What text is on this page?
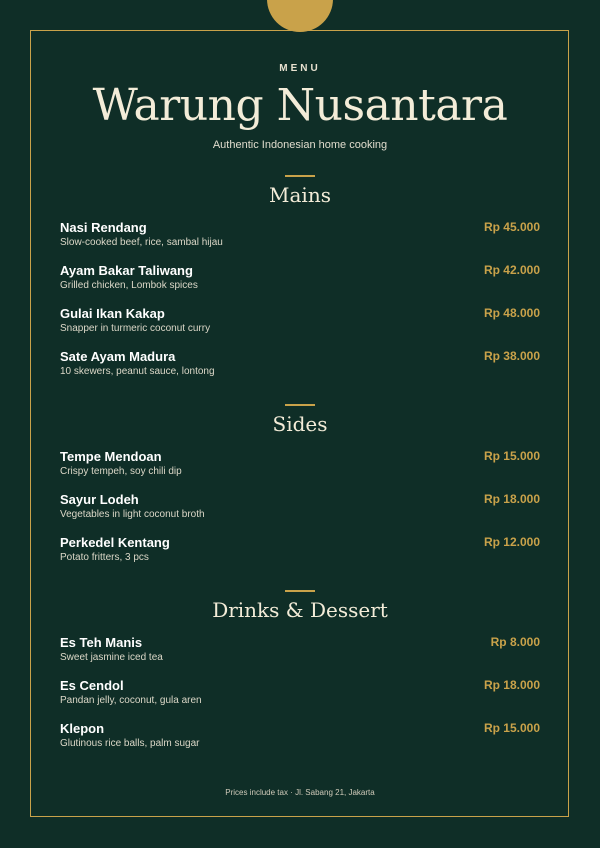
MENU
Warung Nusantara
Authentic Indonesian home cooking
Mains
Nasi Rendang
Slow-cooked beef, rice, sambal hijau
Rp 45.000
Ayam Bakar Taliwang
Grilled chicken, Lombok spices
Rp 42.000
Gulai Ikan Kakap
Snapper in turmeric coconut curry
Rp 48.000
Sate Ayam Madura
10 skewers, peanut sauce, lontong
Rp 38.000
Sides
Tempe Mendoan
Crispy tempeh, soy chili dip
Rp 15.000
Sayur Lodeh
Vegetables in light coconut broth
Rp 18.000
Perkedel Kentang
Potato fritters, 3 pcs
Rp 12.000
Drinks & Dessert
Es Teh Manis
Sweet jasmine iced tea
Rp 8.000
Es Cendol
Pandan jelly, coconut, gula aren
Rp 18.000
Klepon
Glutinous rice balls, palm sugar
Rp 15.000
Prices include tax · Jl. Sabang 21, Jakarta
